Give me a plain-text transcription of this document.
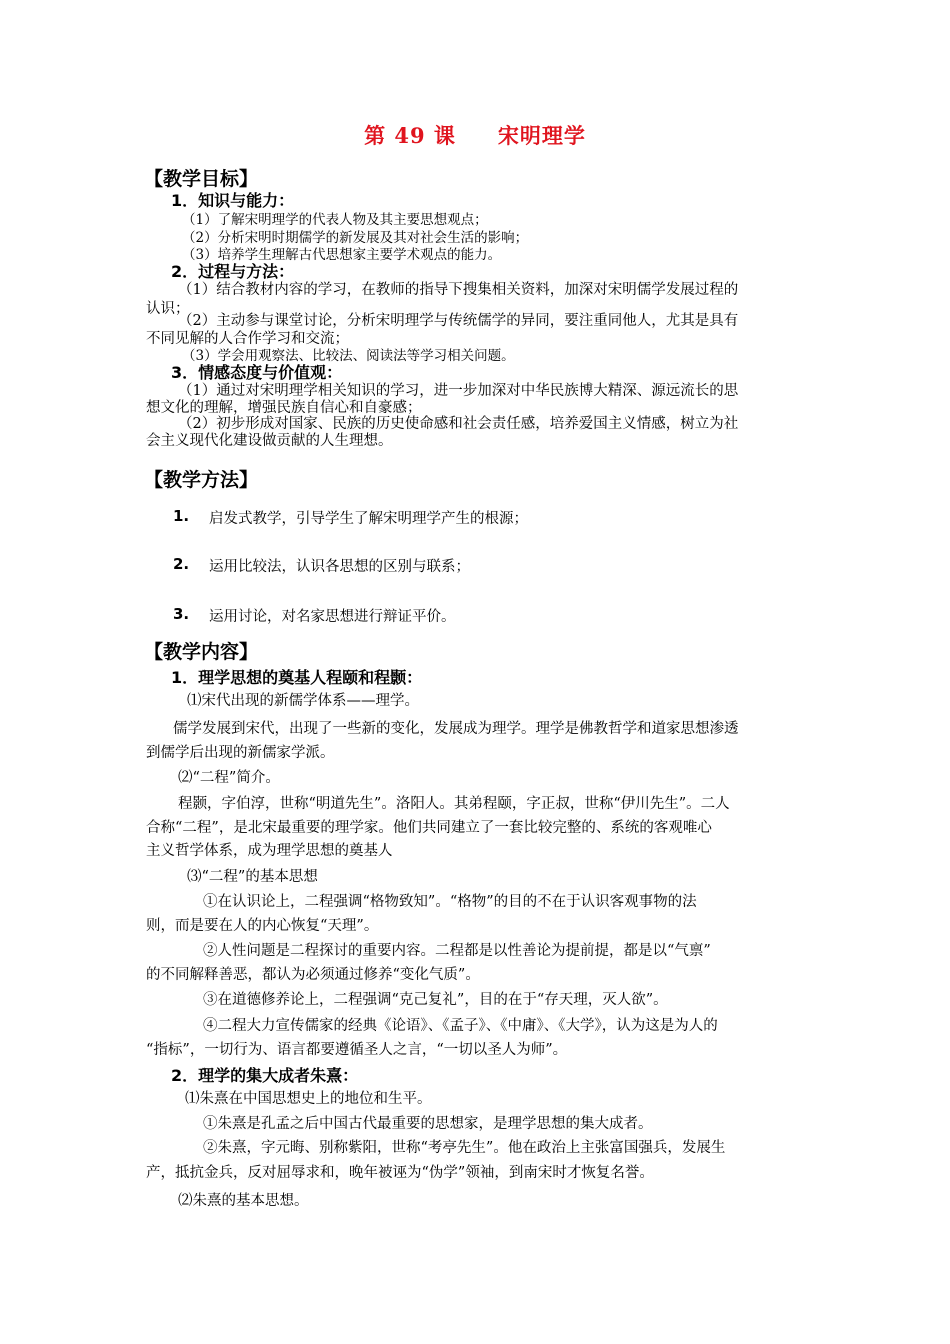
第 49 课 宋明理学
【教学目标】
1．知识与能力：
（1）了解宋明理学的代表人物及其主要思想观点；
（2）分析宋明时期儒学的新发展及其对社会生活的影响；
（3）培养学生理解古代思想家主要学术观点的能力。
2．过程与方法：
（1）结合教材内容的学习，在教师的指导下搜集相关资料，加深对宋明儒学发展过程的
认识；
（2）主动参与课堂讨论，分析宋明理学与传统儒学的异同，要注重同他人，尤其是具有
不同见解的人合作学习和交流；
（3）学会用观察法、比较法、阅读法等学习相关问题。
3．情感态度与价值观：
（1）通过对宋明理学相关知识的学习，进一步加深对中华民族博大精深、源远流长的思
想文化的理解，增强民族自信心和自豪感；
（2）初步形成对国家、民族的历史使命感和社会责任感，培养爱国主义情感，树立为社
会主义现代化建设做贡献的人生理想。
【教学方法】
1. 启发式教学，引导学生了解宋明理学产生的根源；
2. 运用比较法，认识各思想的区别与联系；
3. 运用讨论，对名家思想进行辩证平价。
【教学内容】
1．理学思想的奠基人程颐和程颢：
⑴宋代出现的新儒学体系——理学。
儒学发展到宋代，出现了一些新的变化，发展成为理学。理学是佛教哲学和道家思想渗透
到儒学后出现的新儒家学派。
⑵“二程”简介。
程颢，字伯淳，世称“明道先生”。洛阳人。其弟程颐，字正叔，世称“伊川先生”。二人
合称“二程”，是北宋最重要的理学家。他们共同建立了一套比较完整的、系统的客观唯心
主义哲学体系，成为理学思想的奠基人
⑶“二程”的基本思想
①在认识论上，二程强调“格物致知”。“格物”的目的不在于认识客观事物的法
则，而是要在人的内心恢复“天理”。
②人性问题是二程探讨的重要内容。二程都是以性善论为提前提，都是以“气禀”
的不同解释善恶，都认为必须通过修养“变化气质”。
③在道德修养论上，二程强调“克己复礼”，目的在于“存天理，灭人欲”。
④二程大力宣传儒家的经典《论语》、《孟子》、《中庸》、《大学》，认为这是为人的
“指标”，一切行为、语言都要遵循圣人之言，“一切以圣人为师”。
2．理学的集大成者朱熹：
⑴朱熹在中国思想史上的地位和生平。
①朱熹是孔孟之后中国古代最重要的思想家，是理学思想的集大成者。
②朱熹，字元晦、别称紫阳，世称“考亭先生”。他在政治上主张富国强兵，发展生
产，抵抗金兵，反对屈辱求和，晚年被诬为“伪学”领袖，到南宋时才恢复名誉。
⑵朱熹的基本思想。
